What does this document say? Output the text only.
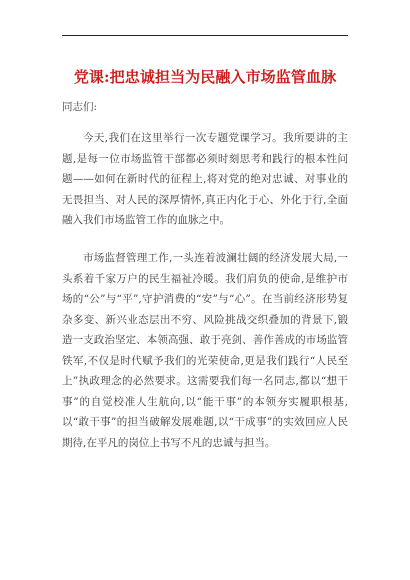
党课:把忠诚担当为民融入市场监管血脉
同志们:

今天,我们在这里举行一次专题党课学习。我所要讲的主题,是每一位市场监管干部都必须时刻思考和践行的根本性问题——如何在新时代的征程上,将对党的绝对忠诚、对事业的无畏担当、对人民的深厚情怀,真正内化于心、外化于行,全面融入我们市场监管工作的血脉之中。

市场监督管理工作,一头连着波澜壮阔的经济发展大局,一头系着千家万户的民生福祉冷暖。我们肩负的使命,是维护市场的“公”与“平”,守护消费的“安”与“心”。在当前经济形势复杂多变、新兴业态层出不穷、风险挑战交织叠加的背景下,锻造一支政治坚定、本领高强、敢于亮剑、善作善成的市场监管铁军,不仅是时代赋予我们的光荣使命,更是我们践行“人民至上”执政理念的必然要求。这需要我们每一名同志,都以“想干事”的自觉校准人生航向,以“能干事”的本领夯实履职根基,以“敢干事”的担当破解发展难题,以“干成事”的实效回应人民期待,在平凡的岗位上书写不凡的忠诚与担当。
